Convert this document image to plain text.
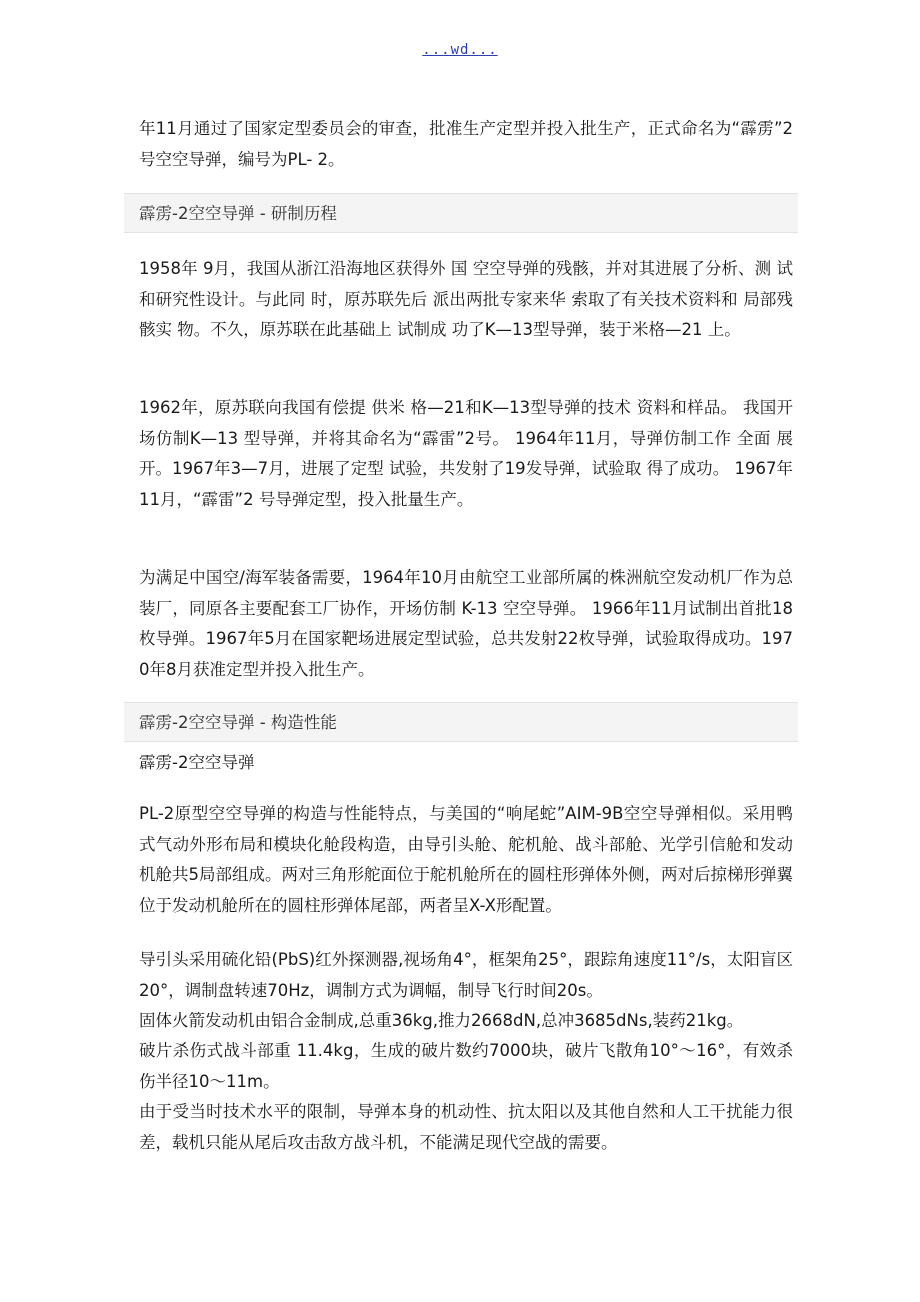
...wd...

年11月通过了国家定型委员会的审查，批准生产定型并投入批生产，正式命名为“霹雳”2号空空导弹，编号为PL- 2。

霹雳-2空空导弹 - 研制历程

1958年 9月，我国从浙江沿海地区获得外 国 空空导弹的残骸，并对其进展了分析、测 试和研究性设计。与此同 时，原苏联先后 派出两批专家来华 索取了有关技术资料和 局部残骸实 物。不久，原苏联在此基础上 试制成 功了K—13型导弹，装于米格—21 上。

1962年，原苏联向我国有偿提 供米 格—21和K—13型导弹的技术 资料和样品。 我国开场仿制K—13 型导弹，并将其命名为“霹雷”2号。 1964年11月，导弹仿制工作 全面 展开。1967年3—7月，进展了定型 试验，共发射了19发导弹，试验取 得了成功。 1967年11月，“霹雷”2 号导弹定型，投入批量生产。

为满足中国空/海军装备需要，1964年10月由航空工业部所属的株洲航空发动机厂作为总装厂，同原各主要配套工厂协作，开场仿制 K-13 空空导弹。 1966年11月试制出首批18枚导弹。1967年5月在国家靶场进展定型试验，总共发射22枚导弹，试验取得成功。1970年8月获准定型并投入批生产。

霹雳-2空空导弹 - 构造性能
霹雳-2空空导弹

PL-2原型空空导弹的构造与性能特点，与美国的“响尾蛇”AIM-9B空空导弹相似。采用鸭式气动外形布局和模块化舱段构造，由导引头舱、舵机舱、战斗部舱、光学引信舱和发动机舱共5局部组成。两对三角形舵面位于舵机舱所在的圆柱形弹体外侧，两对后掠梯形弹翼位于发动机舱所在的圆柱形弹体尾部，两者呈X-X形配置。

导引头采用硫化铅(PbS)红外探测器,视场角4°，框架角25°，跟踪角速度11°/s，太阳盲区20°，调制盘转速70Hz，调制方式为调幅，制导飞行时间20s。

固体火箭发动机由铝合金制成,总重36kg,推力2668dN,总冲3685dNs,装药21kg。

破片杀伤式战斗部重 11.4kg，生成的破片数约7000块，破片飞散角10°～16°，有效杀伤半径10～11m。

由于受当时技术水平的限制，导弹本身的机动性、抗太阳以及其他自然和人工干扰能力很差，载机只能从尾后攻击敌方战斗机，不能满足现代空战的需要。
